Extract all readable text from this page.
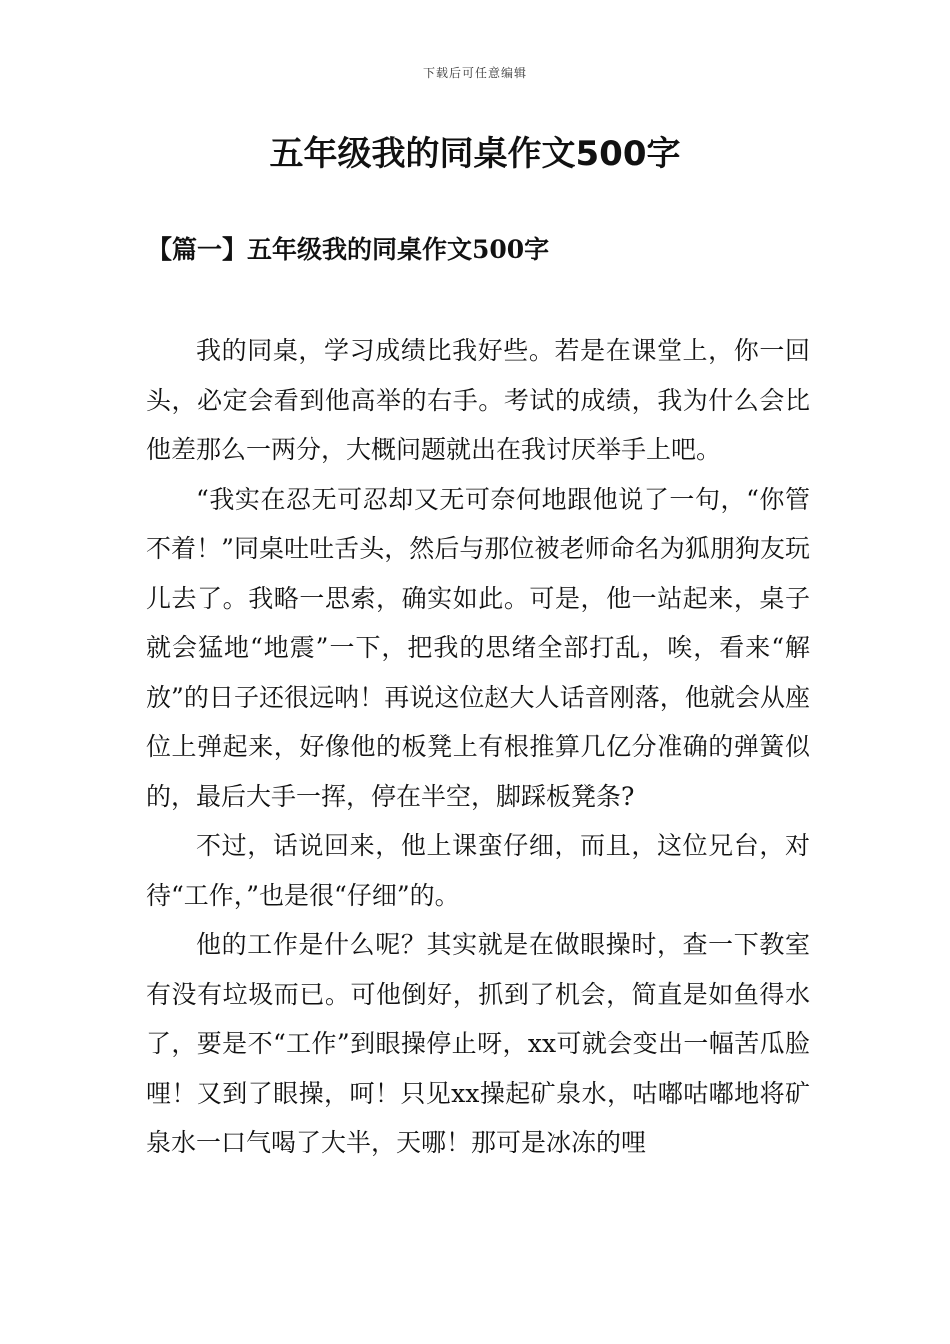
下载后可任意编辑
五年级我的同桌作文500字
【篇一】五年级我的同桌作文500字

我的同桌，学习成绩比我好些。若是在课堂上，你一回头，必定会看到他高举的右手。考试的成绩，我为什么会比他差那么一两分，大概问题就出在我讨厌举手上吧。

“我实在忍无可忍却又无可奈何地跟他说了一句，“你管不着！”同桌吐吐舌头，然后与那位被老师命名为狐朋狗友玩儿去了。我略一思索，确实如此。可是，他一站起来，桌子就会猛地“地震”一下，把我的思绪全部打乱，唉，看来“解放”的日子还很远呐！再说这位赵大人话音刚落，他就会从座位上弹起来，好像他的板凳上有根推算几亿分准确的弹簧似的，最后大手一挥，停在半空，脚踩板凳条?

不过，话说回来，他上课蛮仔细，而且，这位兄台，对待“工作，”也是很“仔细”的。

他的工作是什么呢？其实就是在做眼操时，查一下教室有没有垃圾而已。可他倒好，抓到了机会，简直是如鱼得水了，要是不“工作”到眼操停止呀，xx可就会变出一幅苦瓜脸哩！又到了眼操，呵！只见xx操起矿泉水，咕嘟咕嘟地将矿泉水一口气喝了大半，天哪！那可是冰冻的哩
